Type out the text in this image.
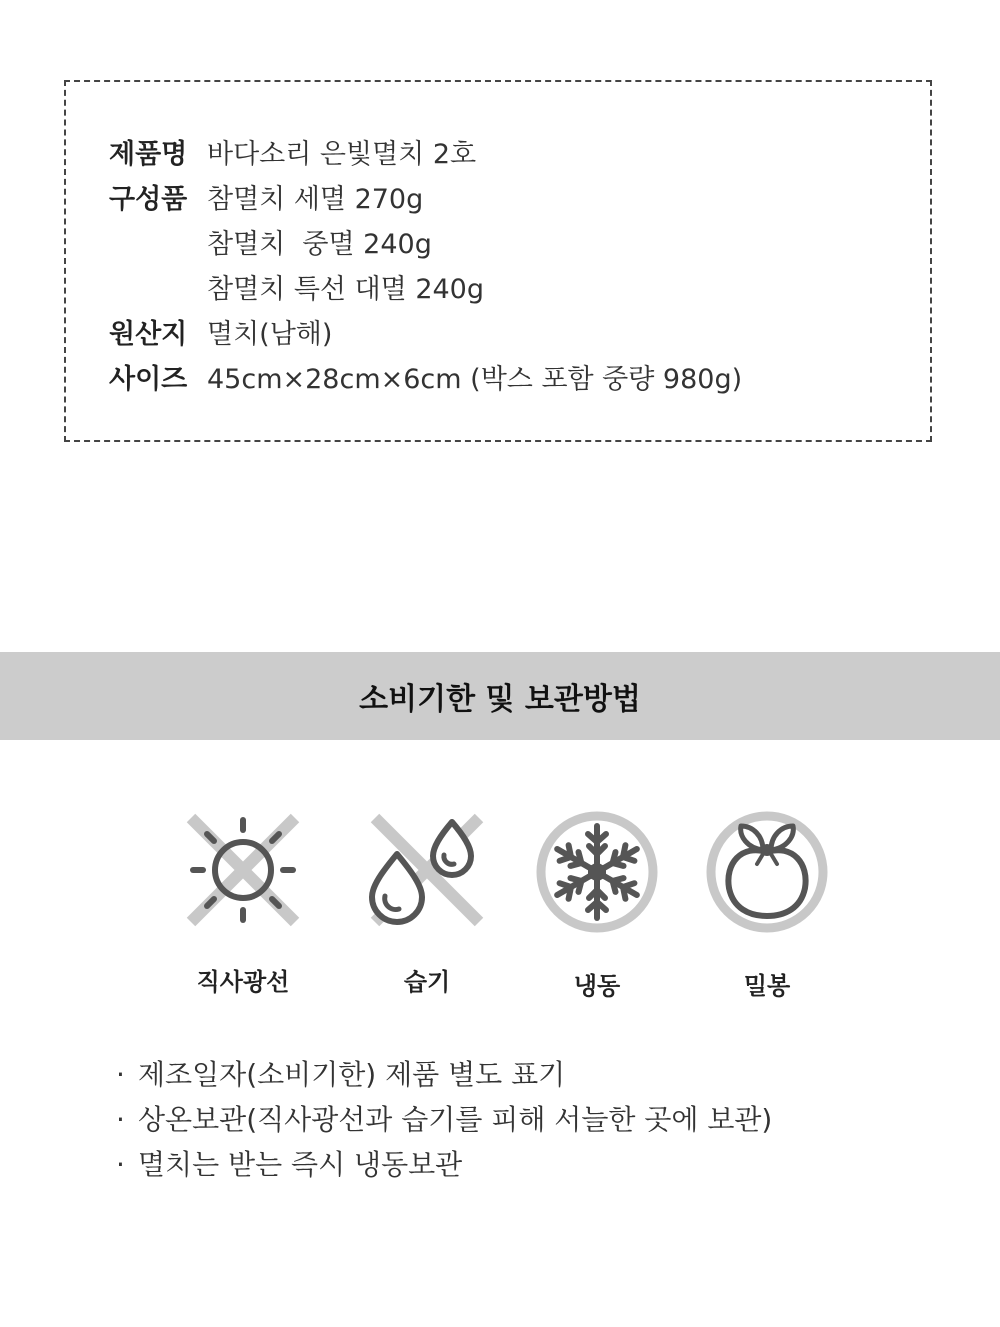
제품명 바다소리 은빛멸치 2호
구성품 참멸치 세멸 270g
참멸치  중멸 240g
참멸치 특선 대멸 240g
원산지 멸치(남해)
사이즈 45cm×28cm×6cm (박스 포함 중량 980g)
소비기한 및 보관방법
직사광선	습기	냉동	밀봉
· 제조일자(소비기한) 제품 별도 표기
· 상온보관(직사광선과 습기를 피해 서늘한 곳에 보관)
· 멸치는 받는 즉시 냉동보관
